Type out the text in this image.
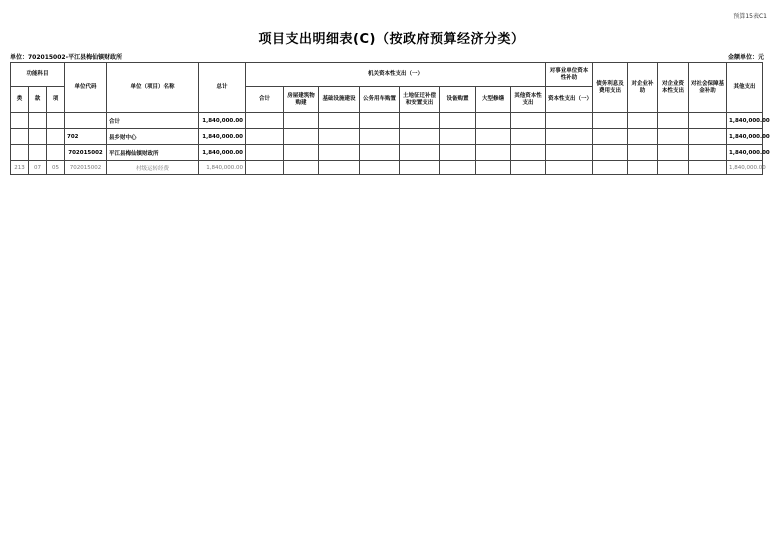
预算15表C1
项目支出明细表(C)（按政府预算经济分类）
单位：702015002-平江县梅仙镇财政所	金额单位：元
功能科目			单位代码	单位（项目）名称	总计	机关资本性支出（一）								对事业单位资本性补助	债务利息及费用支出	对企业补助	对企业资本性支出	对社会保障基金补助	其他支出
类	款	项				合计	房屋建筑物购建	基础设施建设	公务用车购置	土地征迁补偿和安置支出	设备购置	大型修缮	其他资本性支出	资本性支出（一）					
				合计	1,840,000.00														1,840,000.00
			702	县乡财中心	1,840,000.00														1,840,000.00
			702015002	平江县梅仙镇财政所	1,840,000.00														1,840,000.00
213	07	05	702015002	村级运转经费	1,840,000.00														1,840,000.00
